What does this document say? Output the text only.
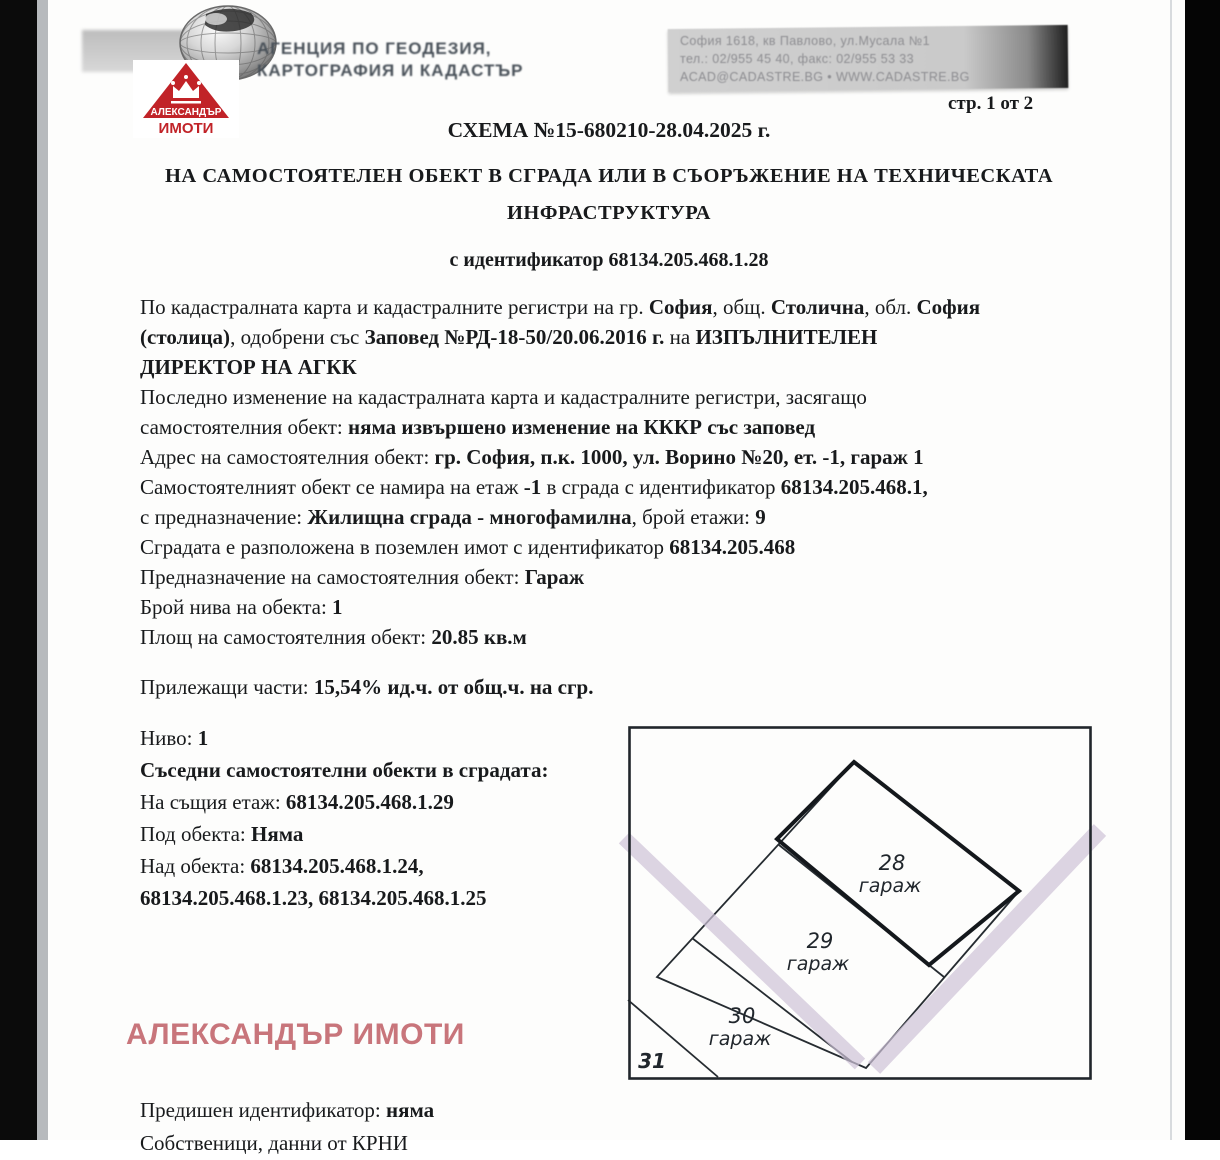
АГЕНЦИЯ ПО ГЕОДЕЗИЯ,
КАРТОГРАФИЯ И КАДАСТЪР
София 1618, кв Павлово, ул.Мусала №1
тел.: 02/955 45 40, факс: 02/955 53 33
ACAD@CADASTRE.BG • WWW.CADASTRE.BG
стр. 1 от 2
АЛЕКСАНДЪР
ИМОТИ	СХЕМА №15-680210-28.04.2025 г.
НА САМОСТОЯТЕЛЕН ОБЕКТ В СГРАДА ИЛИ В СЪОРЪЖЕНИЕ НА ТЕХНИЧЕСКАТА
ИНФРАСТРУКТУРА
с идентификатор 68134.205.468.1.28
По кадастралната карта и кадастралните регистри на гр. София, общ. Столична, обл. София
(столица), одобрени със Заповед №РД-18-50/20.06.2016 г. на ИЗПЪЛНИТЕЛЕН
ДИРЕКТОР НА АГКК
Последно изменение на кадастралната карта и кадастралните регистри, засягащо
самостоятелния обект: няма извършено изменение на КККР със заповед
Адрес на самостоятелния обект: гр. София, п.к. 1000, ул. Ворино №20, ет. -1, гараж 1
Самостоятелният обект се намира на етаж -1 в сграда с идентификатор 68134.205.468.1,
с предназначение: Жилищна сграда - многофамилна, брой етажи: 9
Сградата е разположена в поземлен имот с идентификатор 68134.205.468
Предназначение на самостоятелния обект: Гараж
Брой нива на обекта: 1
Площ на самостоятелния обект: 20.85 кв.м
Прилежащи части: 15,54% ид.ч. от общ.ч. на сгр.
Ниво: 1
Съседни самостоятелни обекти в сградата:
На същия етаж: 68134.205.468.1.29
Под обекта: Няма
Над обекта: 68134.205.468.1.24,
68134.205.468.1.23, 68134.205.468.1.25
28
гараж
29
гараж
30
гараж
31
АЛЕКСАНДЪР ИМОТИ
Предишен идентификатор: няма
Собственици, данни от КРНИ
